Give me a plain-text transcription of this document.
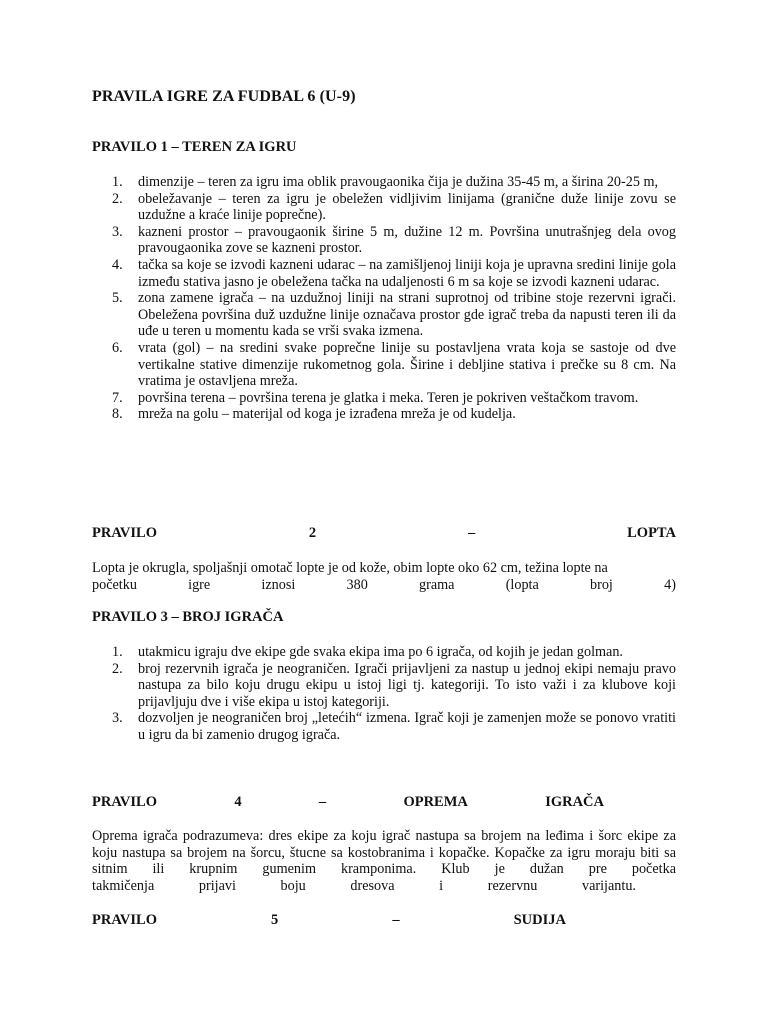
PRAVILA IGRE ZA FUDBAL 6 (U-9)
PRAVILO 1 – TEREN ZA IGRU
1. dimenzije – teren za igru ima oblik pravougaonika čija je dužina 35-45 m, a širina 20-25 m,
2. obeležavanje – teren za igru je obeležen vidljivim linijama (granične duže linije zovu se uzdužne a kraće linije poprečne).
3. kazneni prostor – pravougaonik širine 5 m, dužine 12 m. Površina unutrašnjeg dela ovog pravougaonika zove se kazneni prostor.
4. tačka sa koje se izvodi kazneni udarac – na zamišljenoj liniji koja je upravna sredini linije gola između stativa jasno je obeležena tačka na udaljenosti 6 m sa koje se izvodi kazneni udarac.
5. zona zamene igrača – na uzdužnoj liniji na strani suprotnoj od tribine stoje rezervni igrači. Obeležena površina duž uzdužne linije označava prostor gde igrač treba da napusti teren ili da uđe u teren u momentu kada se vrši svaka izmena.
6. vrata (gol) – na sredini svake poprečne linije su postavljena vrata koja se sastoje od dve vertikalne stative dimenzije rukometnog gola. Širine i debljine stativa i prečke su 8 cm. Na vratima je ostavljena mreža.
7. površina terena – površina terena je glatka i meka. Teren je pokriven veštačkom travom.
8. mreža na golu – materijal od koga je izrađena mreža je od kudelja.
PRAVILO	2	–	LOPTA
Lopta je okrugla, spoljašnji omotač lopte je od kože, obim lopte oko 62 cm, težina lopte na
početku	igre	iznosi	380	grama	(lopta	broj	4)
PRAVILO 3 – BROJ IGRAČA
1. utakmicu igraju dve ekipe gde svaka ekipa ima po 6 igrača, od kojih je jedan golman.
2. broj rezervnih igrača je neograničen. Igrači prijavljeni za nastup u jednoj ekipi nemaju pravo nastupa za bilo koju drugu ekipu u istoj ligi tj. kategoriji. To isto važi i za klubove koji prijavljuju dve i više ekipa u istoj kategoriji.
3. dozvoljen je neograničen broj „letećih“ izmena. Igrač koji je zamenjen može se ponovo vratiti u igru da bi zamenio drugog igrača.
PRAVILO	4	–	OPREMA	IGRAČA
Oprema igrača podrazumeva: dres ekipe za koju igrač nastupa sa brojem na leđima i šorc ekipe za koju nastupa sa brojem na šorcu, štucne sa kostobranima i kopačke. Kopačke za igru moraju biti sa sitnim ili krupnim gumenim kramponima. Klub je dužan pre početka
takmičenja	prijavi	boju	dresova	i	rezervnu	varijantu.
PRAVILO	5	–	SUDIJA
